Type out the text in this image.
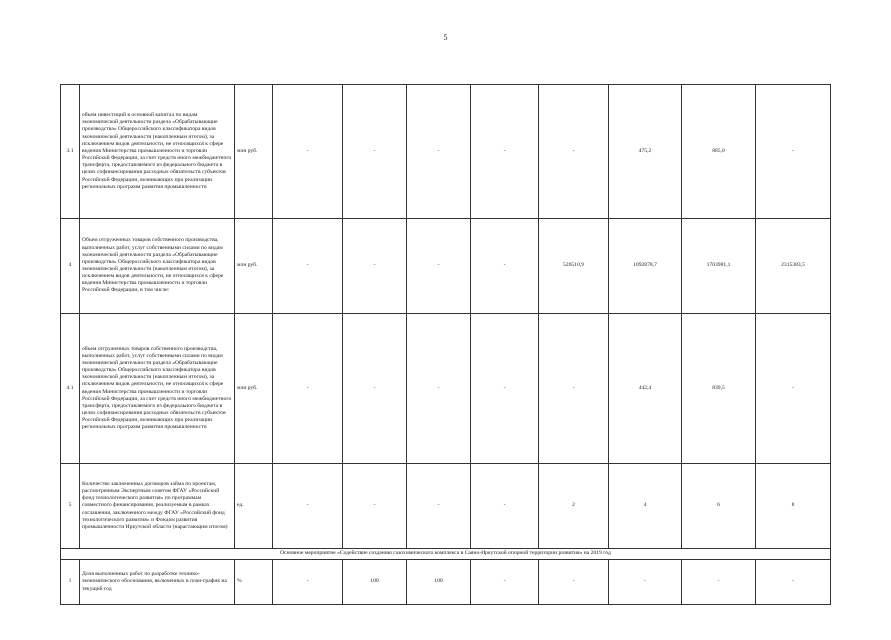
5
3.1	объем инвестиций в основной капитал по видам экономической деятельности раздела «Обрабатывающие производства» Общероссийского классификатора видов экономической деятельности (накопленным итогом), за исключением видов деятельности, не относящихся к сфере ведения Министерства промышленности и торговли Российской Федерации, за счет средств иного межбюджетного трансферта, предоставляемого из федерального бюджета в целях софинансирования расходных обязательств субъектов Российской Федерации, возникающих при реализации региональных программ развития промышленности	млн руб.	-	-	-	-	-	475,2	885,0	-
4	Объем отгруженных товаров собственного производства, выполненных работ, услуг собственными силами по видам экономической деятельности раздела «Обрабатывающие производства» Общероссийского классификатора видов экономической деятельности (накопленным итогом), за исключением видов деятельности, не относящихся к сфере ведения Министерства промышленности и торговли Российской Федерации, в том числе:	млн руб.	-	-	-	-	526510,9	1092878,7	1703981,1	2315383,5
4.1	объем отгруженных товаров собственного производства, выполненных работ, услуг собственными силами по видам экономической деятельности раздела «Обрабатывающие производства» Общероссийского классификатора видов экономической деятельности (накопленным итогом), за исключением видов деятельности, не относящихся к сфере ведения Министерства промышленности и торговли Российской Федерации, за счет средств иного межбюджетного трансферта, предоставляемого из федерального бюджета в целях софинансирования расходных обязательств субъектов Российской Федерации, возникающих при реализации региональных программ развития промышленности	млн руб.	-	-	-	-	-	442,4	839,5	-
5	Количество заключенных договоров займа по проектам, рассмотренным Экспертным советом ФГАУ «Российский фонд технологического развития» по программам совместного финансирования, реализуемым в рамках соглашения, заключенного между ФГАУ «Российский фонд технологического развития» и Фондом развития промышленности Иркутской области (нарастающим итогом)	ед.	-	-	-	-	2	4	6	8
Основное мероприятие «Содействие созданию газохимического комплекса в Саяно-Иркутской опорной территории развития» на 2019 год										
1	Доля выполненных работ по разработке технико-экономического обоснования, включенных в план-график на текущий год	%	-	100	100	-	-	-	-	-
